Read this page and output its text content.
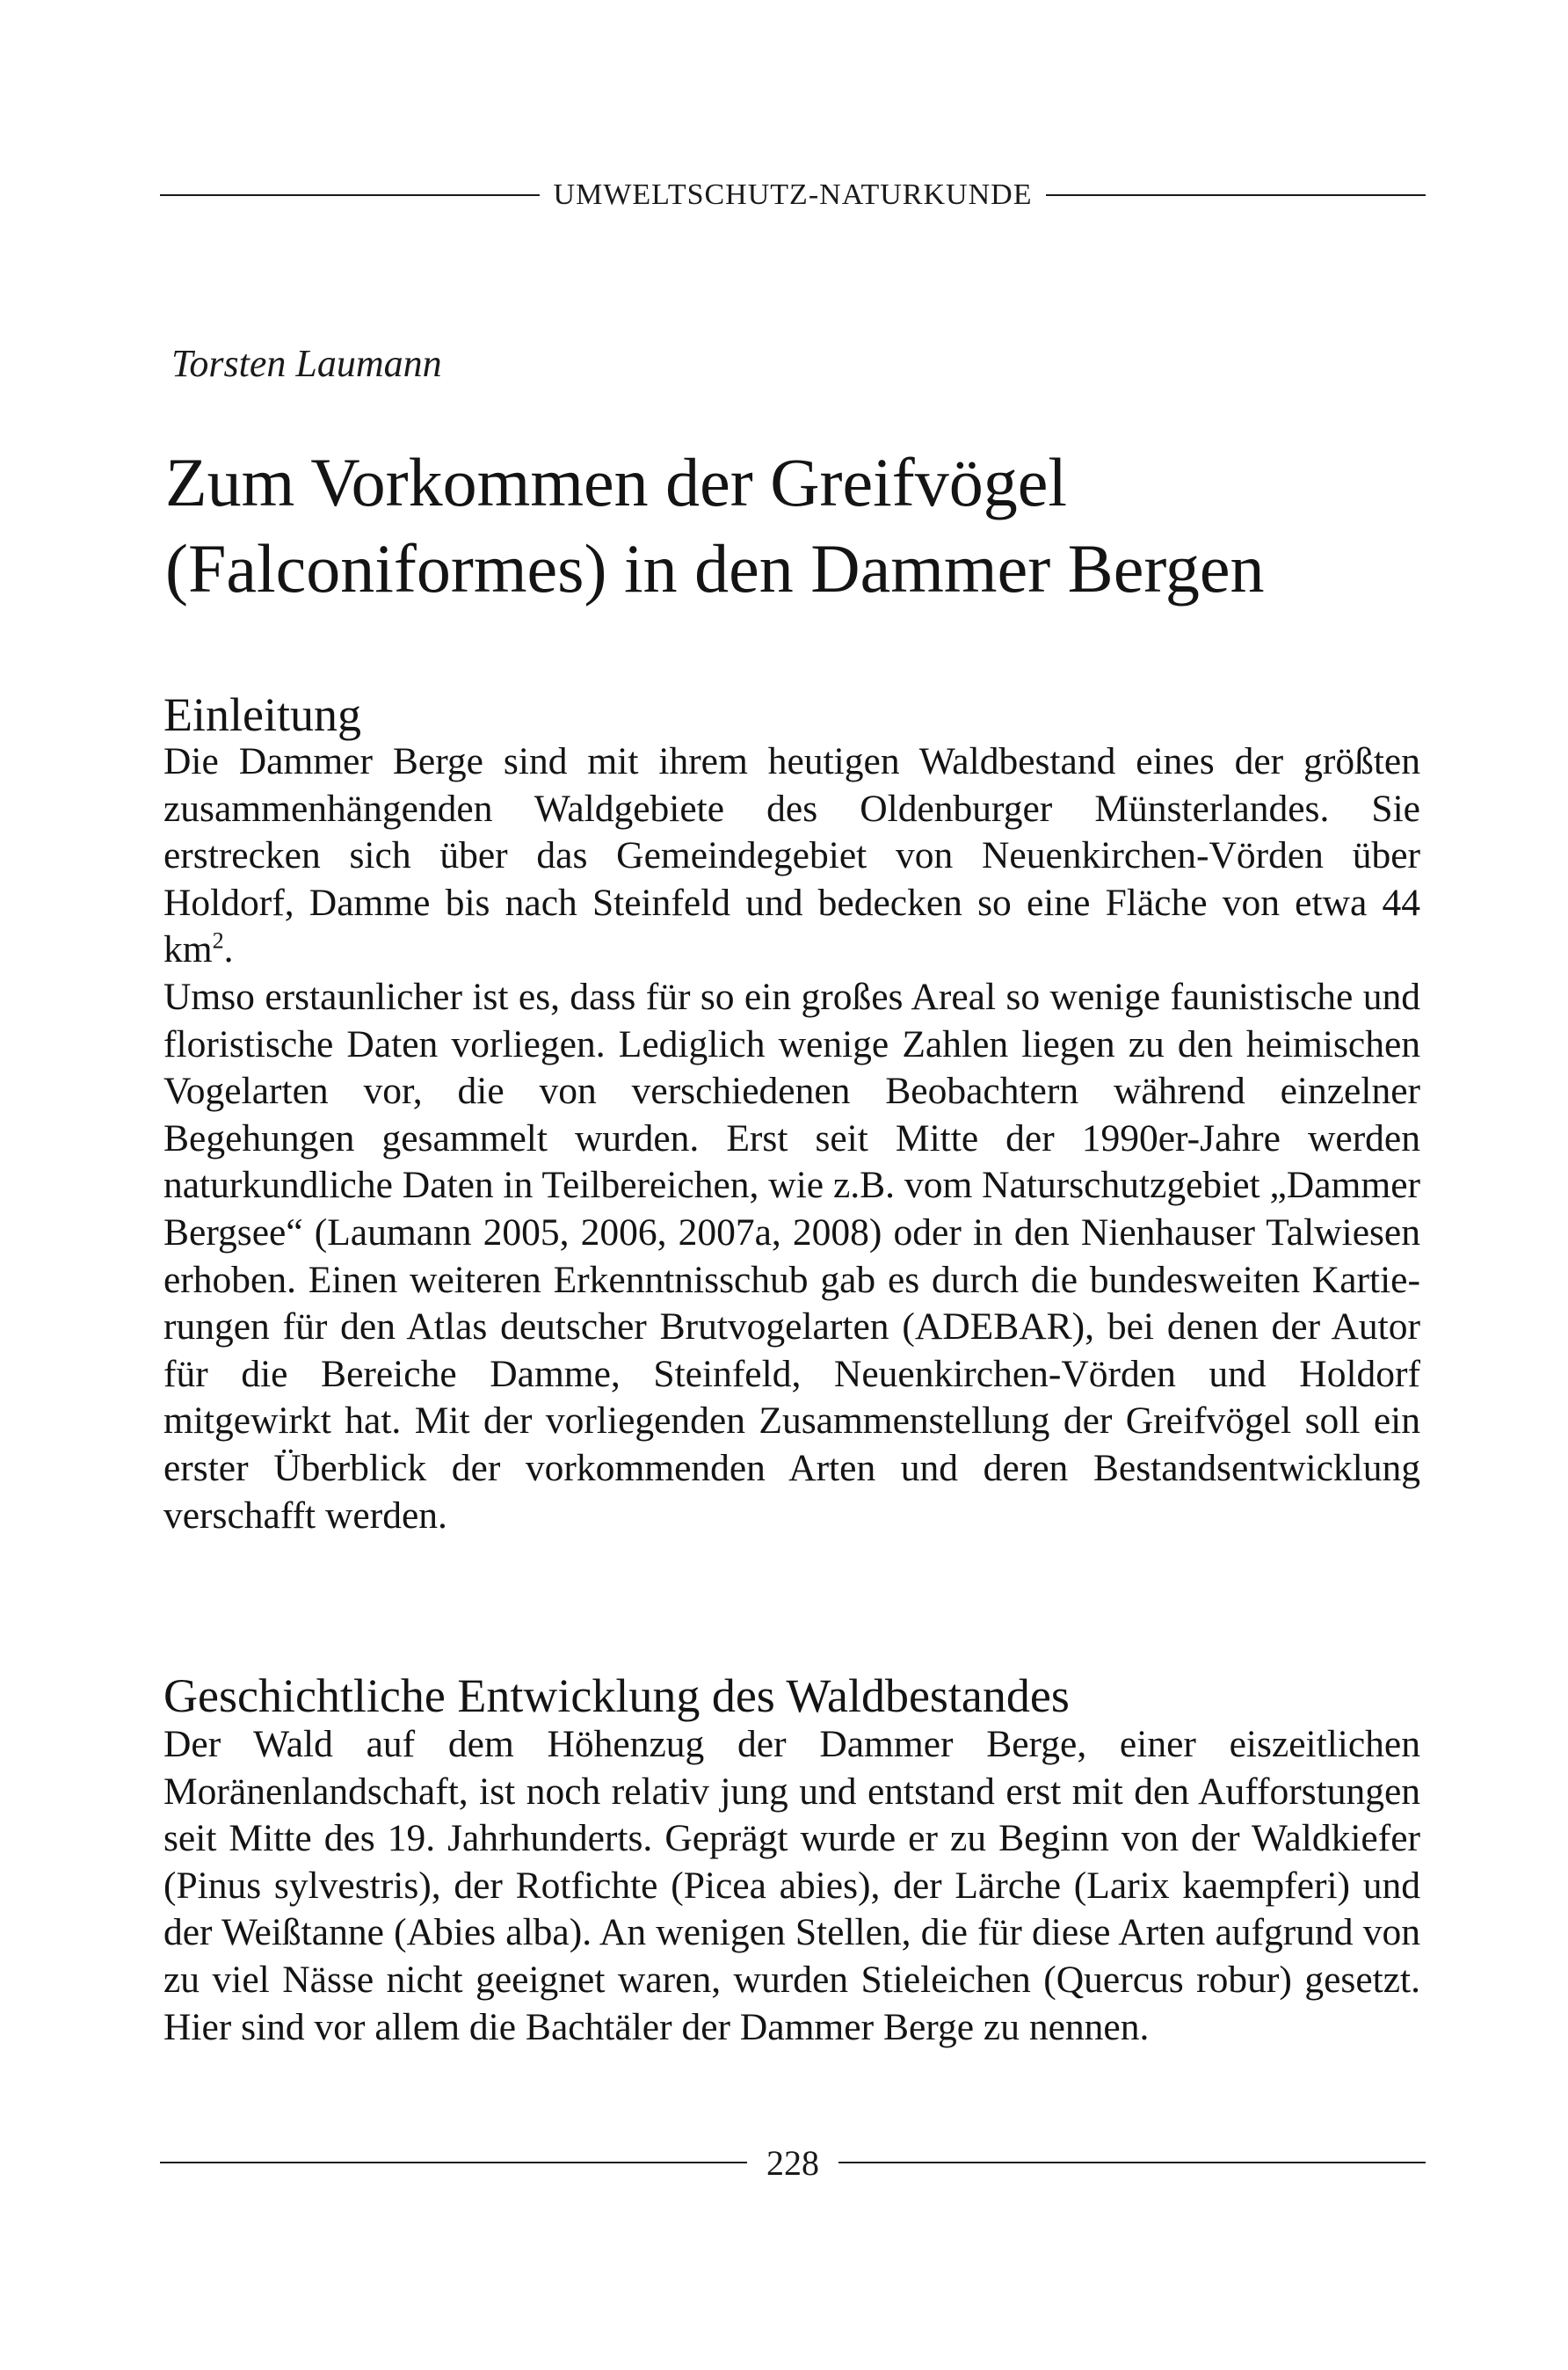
UMWELTSCHUTZ-NATURKUNDE
Torsten Laumann
Zum Vorkommen der Greifvögel
(Falconiformes) in den Dammer Bergen
Einleitung

Die Dammer Berge sind mit ihrem heutigen Waldbestand eines der größten zusammenhängenden Waldgebiete des Oldenburger Münsterlandes. Sie erstrecken sich über das Gemeindegebiet von Neuenkirchen-Vörden über Holdorf, Damme bis nach Steinfeld und bedecken so eine Fläche von etwa 44 $km^2$.

Umso erstaunlicher ist es, dass für so ein großes Areal so wenige faunistische und floristische Daten vorliegen. Lediglich wenige Zahlen liegen zu den heimischen Vogelarten vor, die von verschiedenen Beobachtern während einzelner Begehungen gesammelt wurden. Erst seit Mitte der 1990er-Jahre werden naturkundliche Daten in Teilbereichen, wie z.B. vom Naturschutzgebiet „Dammer Bergsee“ (Laumann 2005, 2006, 2007a, 2008) oder in den Nienhauser Talwiesen erhoben. Einen weiteren Erkenntnisschub gab es durch die bundesweiten Kartierungen für den Atlas deutscher Brutvogelarten (ADEBAR), bei denen der Autor für die Bereiche Damme, Steinfeld, Neuenkirchen-Vörden und Holdorf mitgewirkt hat. Mit der vorliegenden Zusammenstellung der Greifvögel soll ein erster Überblick der vorkommenden Arten und deren Bestandsentwicklung verschafft werden.

Geschichtliche Entwicklung des Waldbestandes

Der Wald auf dem Höhenzug der Dammer Berge, einer eiszeitlichen Moränenlandschaft, ist noch relativ jung und entstand erst mit den Aufforstungen seit Mitte des 19. Jahrhunderts. Geprägt wurde er zu Beginn von der Waldkiefer (Pinus sylvestris), der Rotfichte (Picea abies), der Lärche (Larix kaempferi) und der Weißtanne (Abies alba). An wenigen Stellen, die für diese Arten aufgrund von zu viel Nässe nicht geeignet waren, wurden Stieleichen (Quercus robur) gesetzt. Hier sind vor allem die Bachtäler der Dammer Berge zu nennen.

228
